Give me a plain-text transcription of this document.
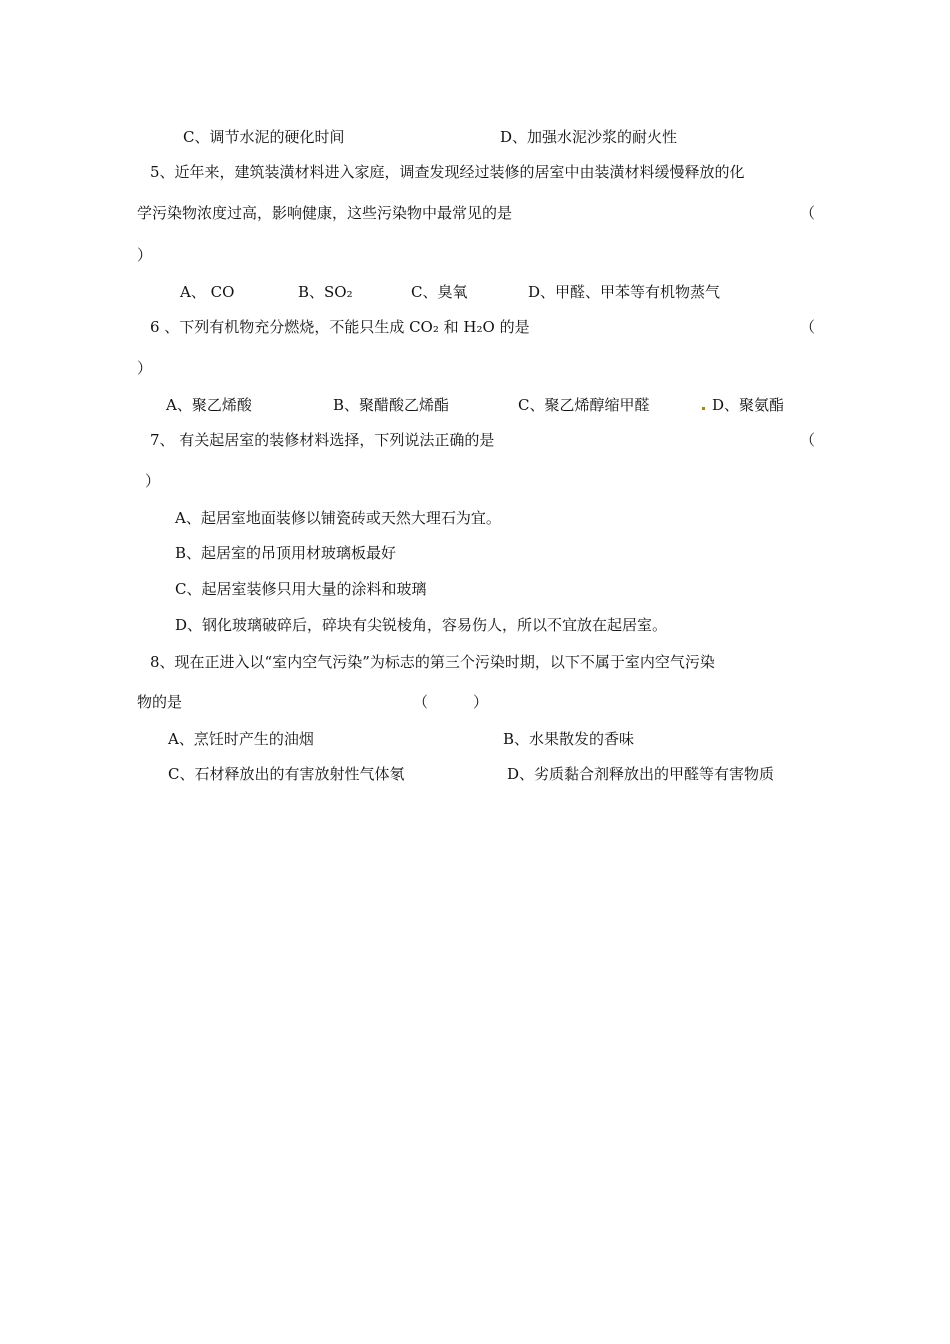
C、调节水泥的硬化时间	D、加强水泥沙浆的耐火性
5、近年来，建筑装潢材料进入家庭，调查发现经过装修的居室中由装潢材料缓慢释放的化
学污染物浓度过高，影响健康，这些污染物中最常见的是	（
）
A、 CO	B、SO₂	C、臭氧	D、甲醛、甲苯等有机物蒸气
6 、下列有机物充分燃烧，不能只生成 CO₂ 和 H₂O 的是	（
）
A、聚乙烯酸	B、聚醋酸乙烯酯	C、聚乙烯醇缩甲醛	D、聚氨酯
7、 有关起居室的装修材料选择，下列说法正确的是	（
）
A、起居室地面装修以铺瓷砖或天然大理石为宜。
B、起居室的吊顶用材玻璃板最好
C、起居室装修只用大量的涂料和玻璃
D、钢化玻璃破碎后，碎块有尖锐棱角，容易伤人，所以不宜放在起居室。
8、现在正进入以“室内空气污染”为标志的第三个污染时期，以下不属于室内空气污染
物的是	（　　　）
A、烹饪时产生的油烟	B、水果散发的香味
C、石材释放出的有害放射性气体氡	D、劣质黏合剂释放出的甲醛等有害物质
